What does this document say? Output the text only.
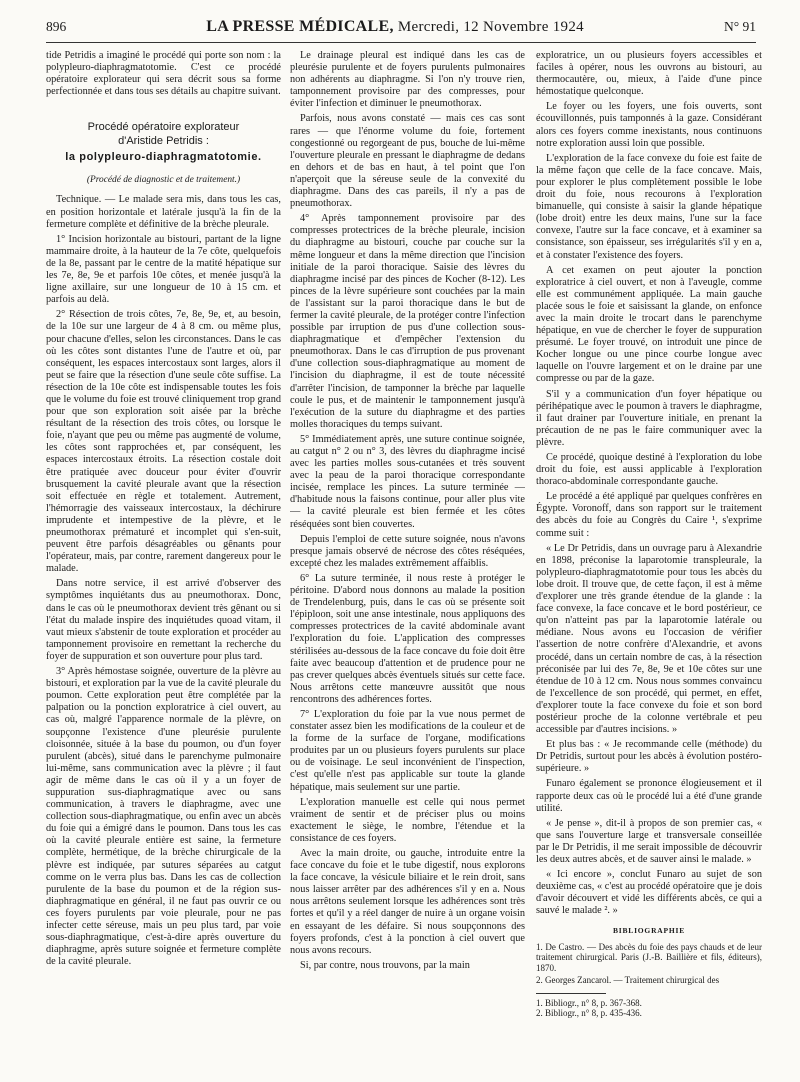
896	LA PRESSE MÉDICALE, Mercredi, 12 Novembre 1924	N° 91

tide Petridis a imaginé le procédé qui porte son nom : la polypleuro-diaphragmatotomie. C'est ce procédé opératoire explorateur qui sera décrit sous sa forme perfectionnée et dans tous ses détails au chapitre suivant.

Procédé opératoire explorateur
d'Aristide Petridis :
la polypleuro-diaphragmatotomie.
(Procédé de diagnostic et de traitement.)

Technique. — Le malade sera mis, dans tous les cas, en position horizontale et latérale jusqu'à la fin de la fermeture complète et définitive de la brèche pleurale.

1° Incision horizontale au bistouri, partant de la ligne mammaire droite, à la hauteur de la 7e côte, quelquefois de la 8e, passant par le centre de la matité hépatique sur les 7e, 8e, 9e et parfois 10e côtes, et menée jusqu'à la ligne axillaire, sur une longueur de 10 à 15 cm. et parfois au delà.

2° Résection de trois côtes, 7e, 8e, 9e, et, au besoin, de la 10e sur une largeur de 4 à 8 cm. ou même plus, pour chacune d'elles, selon les circonstances. Dans le cas où les côtes sont distantes l'une de l'autre et où, par conséquent, les espaces intercostaux sont larges, alors il peut se faire que la résection d'une seule côte suffise. La résection de la 10e côte est indispensable toutes les fois que le volume du foie est trouvé cliniquement trop grand pour que son exploration soit aisée par la brèche résultant de la résection des trois côtes, ou lorsque le foie, n'ayant que peu ou même pas augmenté de volume, les côtes sont rapprochées et, par conséquent, les espaces intercostaux étroits. La résection costale doit être pratiquée avec douceur pour éviter d'ouvrir brusquement la cavité pleurale avant que la résection soit effectuée en règle et totalement. Autrement, l'hémorragie des vaisseaux intercostaux, la déchirure imprudente et intempestive de la plèvre, et le pneumothorax prématuré et incomplet qui s'en-suit, peuvent être parfois désagréables ou gênants pour l'opérateur, mais, par contre, rarement dangereux pour le malade.

Dans notre service, il est arrivé d'observer des symptômes inquiétants dus au pneumothorax. Donc, dans le cas où le pneumothorax devient très gênant ou si l'état du malade inspire des inquiétudes quoad vitam, il vaut mieux s'abstenir de toute exploration et procéder au tamponnement provisoire en remettant la recherche du foyer de suppuration et son ouverture pour plus tard.

3° Après hémostase soignée, ouverture de la plèvre au bistouri, et exploration par la vue de la cavité pleurale du poumon. Cette exploration peut être complétée par la palpation ou la ponction exploratrice à ciel ouvert, au cas où, malgré l'apparence normale de la plèvre, on soupçonne l'existence d'une pleurésie purulente cloisonnée, située à la base du poumon, ou d'un foyer purulent (abcès), situé dans le parenchyme pulmonaire lui-même, sans communication avec la plèvre ; il faut agir de même dans le cas où il y a un foyer de suppuration sus-diaphragmatique avec ou sans communication, à travers le diaphragme, avec une collection sous-diaphragmatique, ou enfin avec un abcès du foie qui a émigré dans le poumon. Dans tous les cas où la cavité pleurale entière est saine, la fermeture complète, hermétique, de la brèche chirurgicale de la plèvre est indiquée, par sutures séparées au catgut comme on le verra plus bas. Dans les cas de collection purulente de la base du poumon et de la région sus-diaphragmatique en général, il ne faut pas ouvrir ce ou ces foyers purulents par voie pleurale, pour ne pas infecter cette séreuse, mais un peu plus tard, par voie sous-diaphragmatique, c'est-à-dire après ouverture du diaphragme, après suture soignée et fermeture complète de la cavité pleurale.

Le drainage pleural est indiqué dans les cas de pleurésie purulente et de foyers purulents pulmonaires non adhérents au diaphragme. Si l'on n'y trouve rien, tamponnement provisoire par des compresses, pour éviter l'infection et diminuer le pneumothorax.

Parfois, nous avons constaté — mais ces cas sont rares — que l'énorme volume du foie, fortement congestionné ou regorgeant de pus, bouche de lui-même l'ouverture pleurale en pressant le diaphragme de dedans en dehors et de bas en haut, à tel point que l'on n'aperçoit que la séreuse seule de la convexité du diaphragme. Dans des cas pareils, il n'y a pas de pneumothorax.

4° Après tamponnement provisoire par des compresses protectrices de la brèche pleurale, incision du diaphragme au bistouri, couche par couche sur la même longueur et dans la même direction que l'incision initiale de la paroi thoracique. Saisie des lèvres du diaphragme incisé par des pinces de Kocher (8-12). Les pinces de la lèvre supérieure sont couchées par la main de l'assistant sur la paroi thoracique dans le but de fermer la cavité pleurale, de la protéger contre l'infection possible par irruption de pus d'une collection sous-diaphragmatique et d'empêcher l'extension du pneumothorax. Dans le cas d'irruption de pus provenant d'une collection sous-diaphragmatique au moment de l'incision du diaphragme, il est de toute nécessité d'arrêter l'incision, de tamponner la brèche par laquelle coule le pus, et de maintenir le tamponnement jusqu'à l'exécution de la suture du diaphragme et des parties molles thoraciques du temps suivant.

5° Immédiatement après, une suture continue soignée, au catgut n° 2 ou n° 3, des lèvres du diaphragme incisé avec les parties molles sous-cutanées et très souvent avec la peau de la paroi thoracique correspondante incisée, remplace les pinces. La suture terminée — d'habitude nous la faisons continue, pour aller plus vite — la cavité pleurale est bien fermée et les côtes réséquées sont bien couvertes.

Depuis l'emploi de cette suture soignée, nous n'avons presque jamais observé de nécrose des côtes réséquées, excepté chez les malades extrêmement affaiblis.

6° La suture terminée, il nous reste à protéger le péritoine. D'abord nous donnons au malade la position de Trendelenburg, puis, dans le cas où se présente soit l'épiploon, soit une anse intestinale, nous appliquons des compresses protectrices de la cavité abdominale avant l'exploration du foie. L'application des compresses stérilisées au-dessous de la face concave du foie doit être faite avec beaucoup d'attention et de prudence pour ne pas crever quelques abcès éventuels situés sur cette face. Nous arrêtons cette manœuvre aussitôt que nous rencontrons des adhérences fortes.

7° L'exploration du foie par la vue nous permet de constater assez bien les modifications de la couleur et de la forme de la surface de l'organe, modifications produites par un ou plusieurs foyers purulents sur place ou de voisinage. Le seul inconvénient de l'inspection, c'est qu'elle n'est pas applicable sur toute la glande hépatique, mais seulement sur une partie.

L'exploration manuelle est celle qui nous permet vraiment de sentir et de préciser plus ou moins exactement le siège, le nombre, l'étendue et la consistance de ces foyers.

Avec la main droite, ou gauche, introduite entre la face concave du foie et le tube digestif, nous explorons la face concave, la vésicule biliaire et le rein droit, sans nous laisser arrêter par des adhérences s'il y en a. Nous nous arrêtons seulement lorsque les adhérences sont très fortes et qu'il y a réel danger de nuire à un organe voisin en essayant de les défaire. Si nous soupçonnons des foyers profonds, c'est à la ponction à ciel ouvert que nous avons recours.

Si, par contre, nous trouvons, par la main

exploratrice, un ou plusieurs foyers accessibles et faciles à opérer, nous les ouvrons au bistouri, au thermocautère, ou, mieux, à l'aide d'une pince hémostatique quelconque.

Le foyer ou les foyers, une fois ouverts, sont écouvillonnés, puis tamponnés à la gaze. Considérant alors ces foyers comme inexistants, nous continuons notre exploration aussi loin que possible.

L'exploration de la face convexe du foie est faite de la même façon que celle de la face concave. Mais, pour explorer le plus complètement possible le lobe droit du foie, nous recourons à l'exploration bimanuelle, qui consiste à saisir la glande hépatique (lobe droit) entre les deux mains, l'une sur la face convexe, l'autre sur la face concave, et à examiner sa consistance, son épaisseur, ses irrégularités s'il y en a, et à constater l'existence des foyers.

A cet examen on peut ajouter la ponction exploratrice à ciel ouvert, et non à l'aveugle, comme elle est communément appliquée. La main gauche placée sous le foie et saisissant la glande, on enfonce avec la main droite le trocart dans le parenchyme hépatique, en vue de chercher le foyer de suppuration présumé. Le foyer trouvé, on introduit une pince de Kocher longue ou une pince courbe longue avec laquelle on l'ouvre largement et on le draine par une compresse ou par de la gaze.

S'il y a communication d'un foyer hépatique ou périhépatique avec le poumon à travers le diaphragme, il faut drainer par l'ouverture initiale, en prenant la précaution de ne pas le faire communiquer avec la plèvre.

Ce procédé, quoique destiné à l'exploration du lobe droit du foie, est aussi applicable à l'exploration thoraco-abdominale correspondante gauche.

Le procédé a été appliqué par quelques confrères en Égypte. Voronoff, dans son rapport sur le traitement des abcès du foie au Congrès du Caire ¹, s'exprime comme suit :

« Le Dr Petridis, dans un ouvrage paru à Alexandrie en 1898, préconise la laparotomie transpleurale, la polypleuro-diaphragmatotomie pour tous les abcès du lobe droit. Il trouve que, de cette façon, il est à même d'explorer une très grande étendue de la glande : la face convexe, la face concave et le bord postérieur, ce qu'on n'atteint pas par la laparotomie latérale ou médiane. Nous avons eu l'occasion de vérifier l'assertion de notre confrère d'Alexandrie, et avons procédé, dans un certain nombre de cas, à la résection préconisée par lui des 7e, 8e, 9e et 10e côtes sur une étendue de 10 à 12 cm. Nous nous sommes convaincu de l'excellence de son procédé, qui permet, en effet, d'explorer toute la face convexe du foie et son bord postérieur proche de la colonne vertébrale et peu accessible par d'autres incisions. »

Et plus bas : « Je recommande celle (méthode) du Dr Petridis, surtout pour les abcès à évolution postéro-supérieure. »

Funaro également se prononce élogieusement et il rapporte deux cas où le procédé lui a été d'une grande utilité.

« Je pense », dit-il à propos de son premier cas, « que sans l'ouverture large et transversale conseillée par le Dr Petridis, il me serait impossible de découvrir les deux autres abcès, et de sauver ainsi le malade. »

« Ici encore », conclut Funaro au sujet de son deuxième cas, « c'est au procédé opératoire que je dois d'avoir découvert et vidé les différents abcès, ce qui a sauvé le malade ². »

BIBLIOGRAPHIE

1. De Castro. — Des abcès du foie des pays chauds et de leur traitement chirurgical. Paris (J.-B. Baillière et fils, éditeurs), 1870.

2. Georges Zancarol. — Traitement chirurgical des

1. Bibliogr., n° 8, p. 367-368.

2. Bibliogr., n° 8, p. 435-436.
